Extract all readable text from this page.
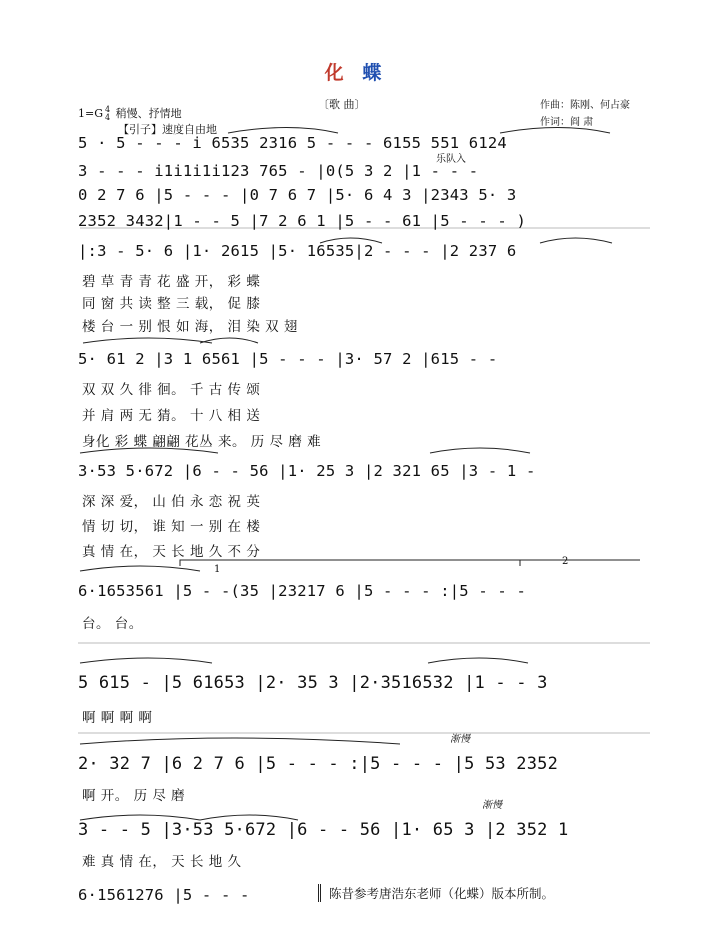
化 蝶
〔歌 曲〕	作曲：陈刚、何占豪
作词：阎 肃
1=G 4
4 稍慢、抒情地
【引子】速度自由地
1
2
乐队入
渐慢
渐慢
5 · 5 - - - i 6535 2316 5 - - - 6155 551 6124
3 - - - i1i1i1i123 765 - |0(5 3 2 |1 - - -
0 2 7 6 |5 - - - |0 7 6 7 |5· 6 4 3 |2343 5· 3
2352 3432|1 - - 5 |7 2 6 1 |5 - - 61 |5 - - - )
|:3 - 5· 6 |1· 2615 |5· 16535|2 - - - |2 237 6
碧 草 青 青 花 盛 开， 彩 蝶
同 窗 共 读 整 三 载， 促 膝
楼 台 一 别 恨 如 海， 泪 染 双 翅
5· 61 2 |3 1 6561 |5 - - - |3· 57 2 |615 - -
双 双 久 徘 徊。 千 古 传 颂
并 肩 两 无 猜。 十 八 相 送
身化 彩 蝶 翩翩 花丛 来。 历 尽 磨 难
3·53 5·672 |6 - - 56 |1· 25 3 |2 321 65 |3 - 1 -
深 深 爱， 山 伯 永 恋 祝 英
情 切 切， 谁 知 一 别 在 楼
真 情 在， 天 长 地 久 不 分
6·1653561 |5 - -(35 |23217 6 |5 - - - :|5 - - -
台。 台。
5 615 - |5 61653 |2· 35 3 |2·3516532 |1 - - 3
啊 啊 啊 啊
2· 32 7 |6 2 7 6 |5 - - - :|5 - - - |5 53 2352
啊 开。 历 尽 磨
3 - - 5 |3·53 5·672 |6 - - 56 |1· 65 3 |2 352 1
难 真 情 在， 天 长 地 久
6·1561276 |5 - - -	陈昔参考唐浩东老师（化蝶）版本所制。
